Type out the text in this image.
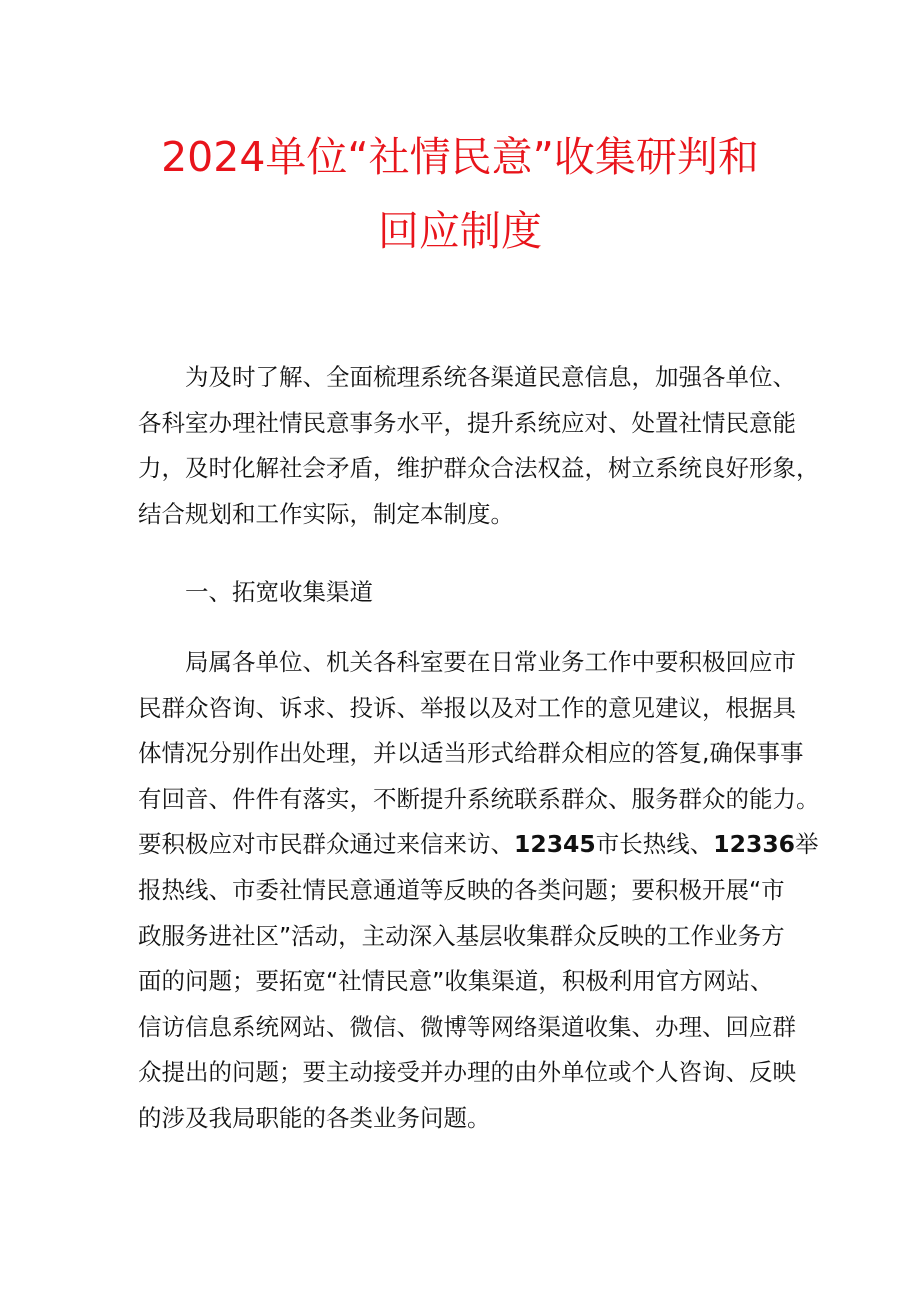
2024单位“社情民意”收集研判和
回应制度
为及时了解、全面梳理系统各渠道民意信息，加强各单位、
各科室办理社情民意事务水平，提升系统应对、处置社情民意能
力，及时化解社会矛盾，维护群众合法权益，树立系统良好形象，
结合规划和工作实际，制定本制度。
一、拓宽收集渠道
局属各单位、机关各科室要在日常业务工作中要积极回应市
民群众咨询、诉求、投诉、举报以及对工作的意见建议，根据具
体情况分别作出处理，并以适当形式给群众相应的答复,确保事事
有回音、件件有落实，不断提升系统联系群众、服务群众的能力。
要积极应对市民群众通过来信来访、12345市长热线、12336举
报热线、市委社情民意通道等反映的各类问题；要积极开展“市
政服务进社区”活动，主动深入基层收集群众反映的工作业务方
面的问题；要拓宽“社情民意”收集渠道，积极利用官方网站、
信访信息系统网站、微信、微博等网络渠道收集、办理、回应群
众提出的问题；要主动接受并办理的由外单位或个人咨询、反映
的涉及我局职能的各类业务问题。
